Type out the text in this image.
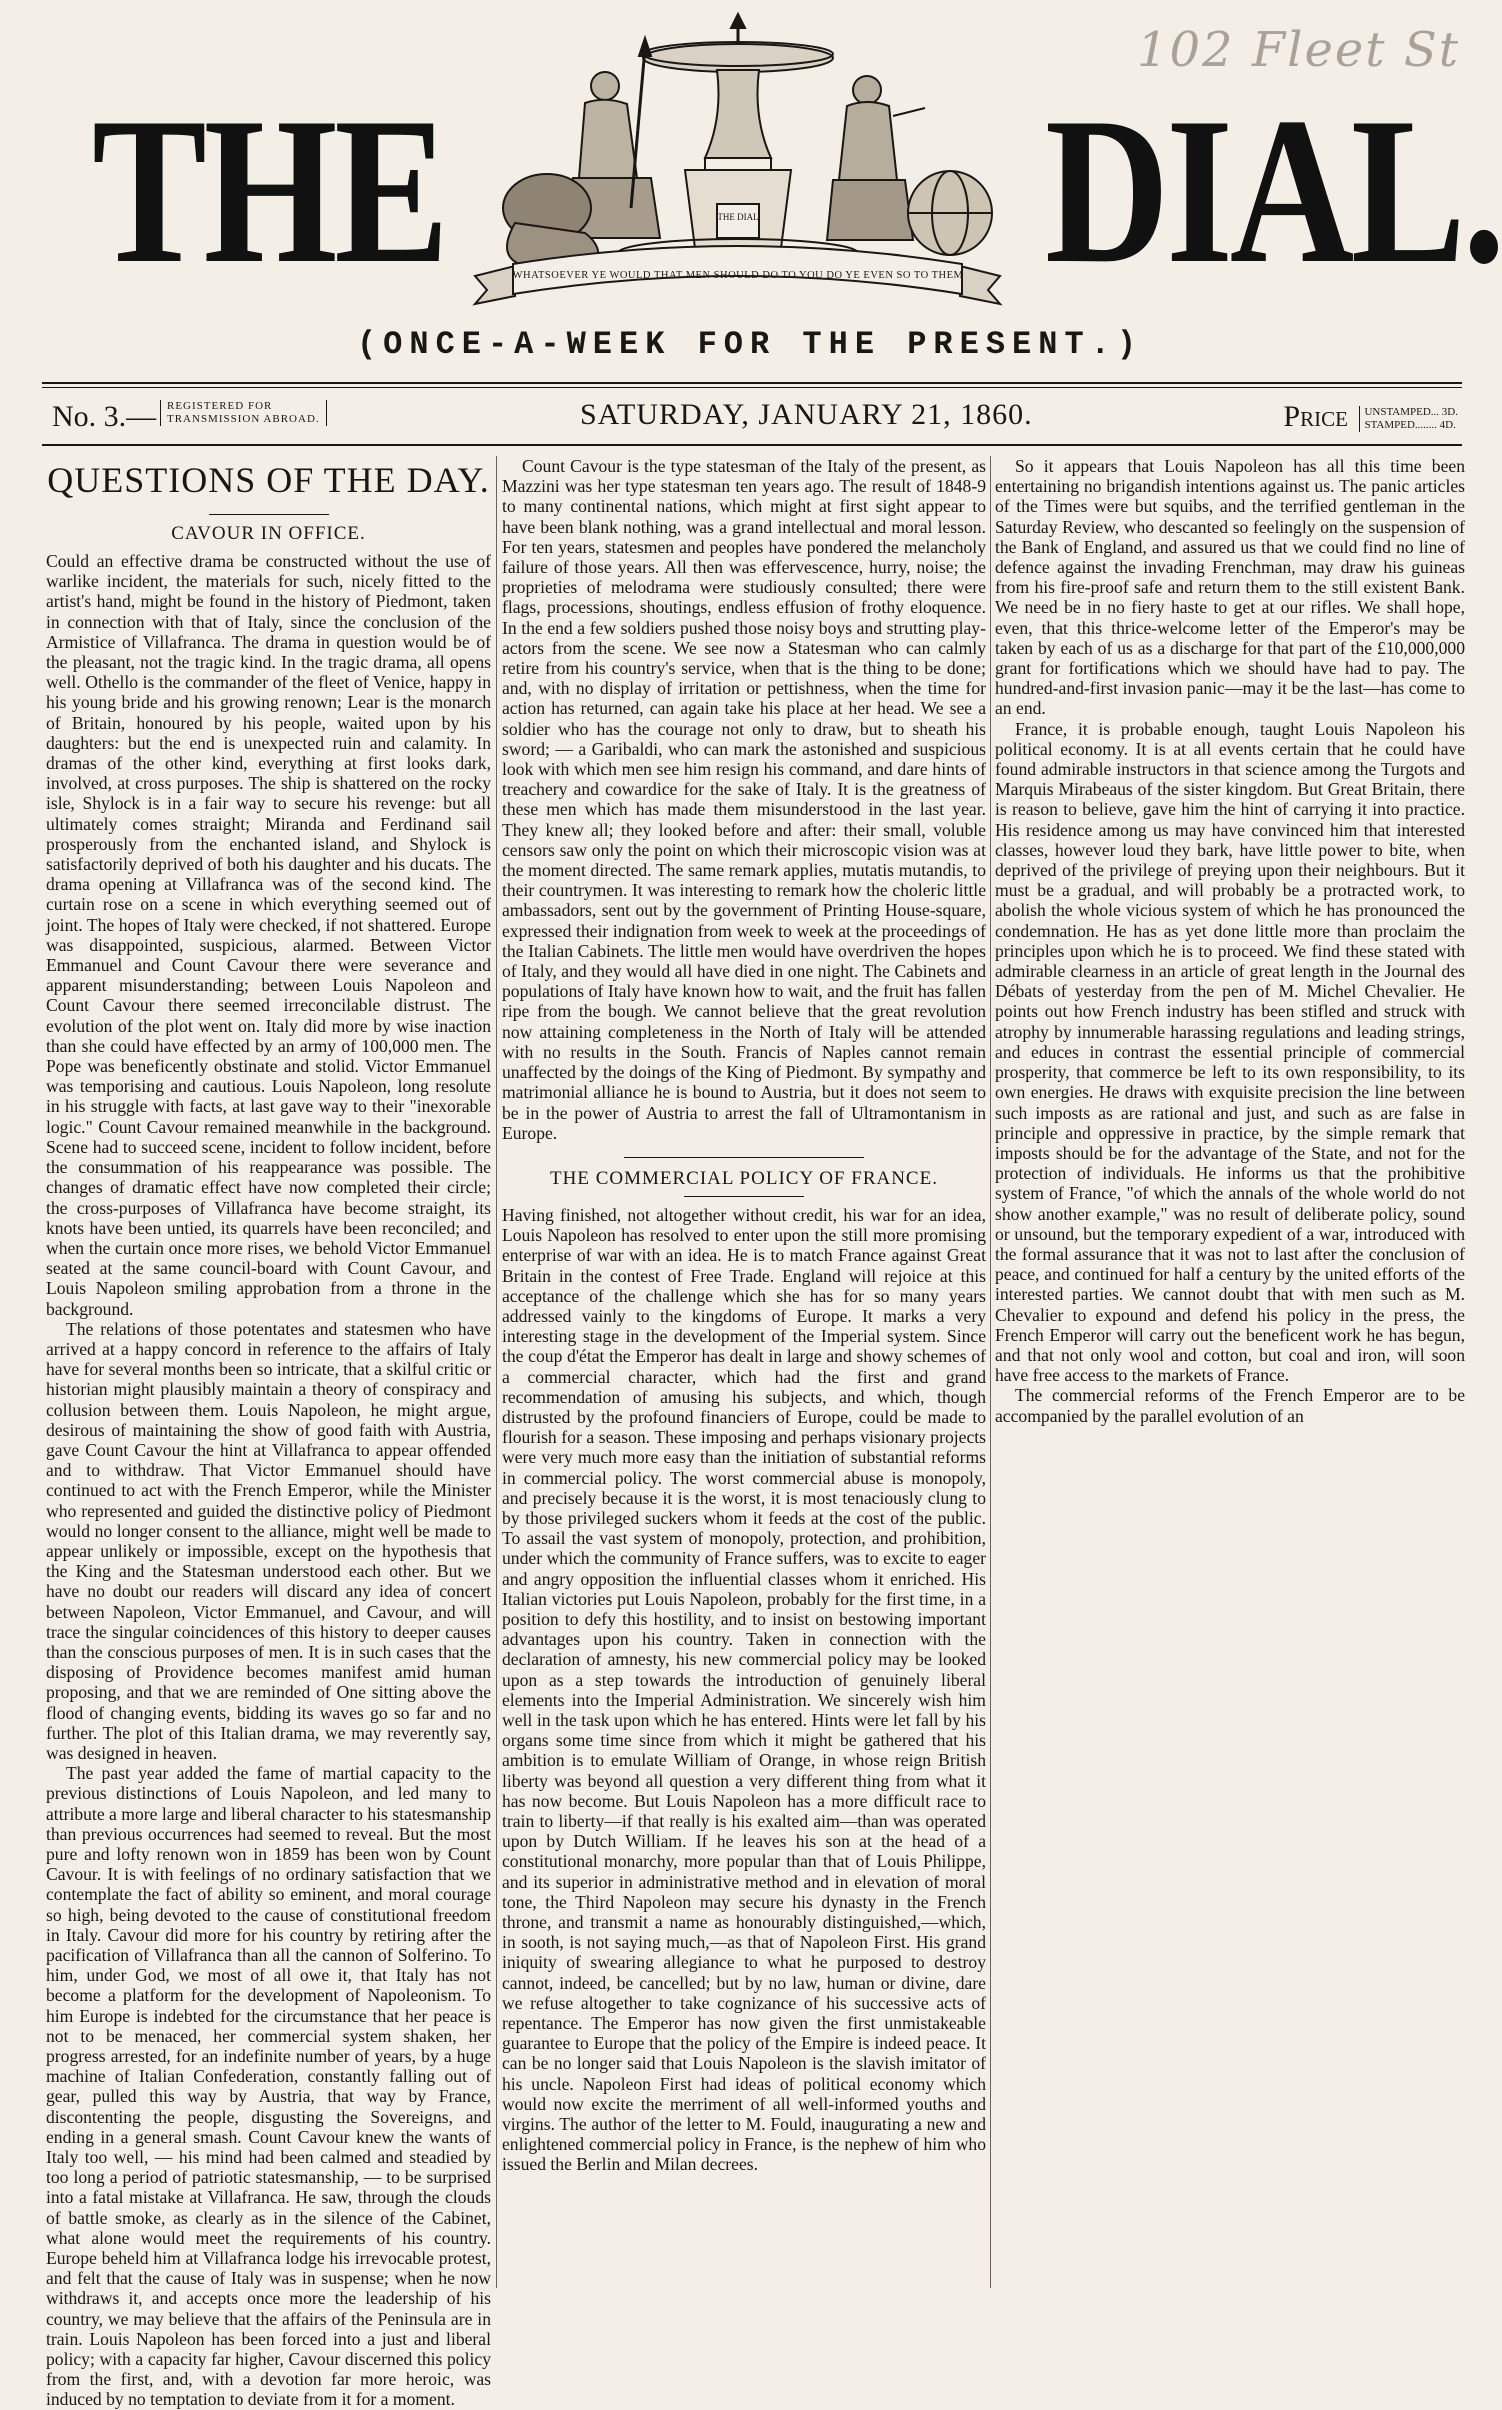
102 Fleet St
THE	DIAL.
THE DIAL
WHATSOEVER YE WOULD THAT MEN SHOULD DO TO YOU DO YE EVEN SO TO THEM
(ONCE-A-WEEK FOR THE PRESENT.)
No. 3.— REGISTERED FOR
TRANSMISSION ABROAD.	SATURDAY, JANUARY 21, 1860.	Price UNSTAMPED... 3D.
STAMPED........ 4D.
QUESTIONS OF THE DAY.
CAVOUR IN OFFICE.

Could an effective drama be constructed without the use of warlike incident, the materials for such, nicely fitted to the artist's hand, might be found in the history of Piedmont, taken in connection with that of Italy, since the conclusion of the Armistice of Villafranca. The drama in question would be of the pleasant, not the tragic kind. In the tragic drama, all opens well. Othello is the commander of the fleet of Venice, happy in his young bride and his growing renown; Lear is the monarch of Britain, honoured by his people, waited upon by his daughters: but the end is unexpected ruin and calamity. In dramas of the other kind, everything at first looks dark, involved, at cross purposes. The ship is shattered on the rocky isle, Shylock is in a fair way to secure his revenge: but all ultimately comes straight; Miranda and Ferdinand sail prosperously from the enchanted island, and Shylock is satisfactorily deprived of both his daughter and his ducats. The drama opening at Villafranca was of the second kind. The curtain rose on a scene in which everything seemed out of joint. The hopes of Italy were checked, if not shattered. Europe was disappointed, suspicious, alarmed. Between Victor Emmanuel and Count Cavour there were severance and apparent misunderstanding; between Louis Napoleon and Count Cavour there seemed irreconcilable distrust. The evolution of the plot went on. Italy did more by wise inaction than she could have effected by an army of 100,000 men. The Pope was beneficently obstinate and stolid. Victor Emmanuel was temporising and cautious. Louis Napoleon, long resolute in his struggle with facts, at last gave way to their "inexorable logic." Count Cavour remained meanwhile in the background. Scene had to succeed scene, incident to follow incident, before the consummation of his reappearance was possible. The changes of dramatic effect have now completed their circle; the cross-purposes of Villafranca have become straight, its knots have been untied, its quarrels have been reconciled; and when the curtain once more rises, we behold Victor Emmanuel seated at the same council-board with Count Cavour, and Louis Napoleon smiling approbation from a throne in the background.

The relations of those potentates and statesmen who have arrived at a happy concord in reference to the affairs of Italy have for several months been so intricate, that a skilful critic or historian might plausibly maintain a theory of conspiracy and collusion between them. Louis Napoleon, he might argue, desirous of maintaining the show of good faith with Austria, gave Count Cavour the hint at Villafranca to appear offended and to withdraw. That Victor Emmanuel should have continued to act with the French Emperor, while the Minister who represented and guided the distinctive policy of Piedmont would no longer consent to the alliance, might well be made to appear unlikely or impossible, except on the hypothesis that the King and the Statesman understood each other. But we have no doubt our readers will discard any idea of concert between Napoleon, Victor Emmanuel, and Cavour, and will trace the singular coincidences of this history to deeper causes than the conscious purposes of men. It is in such cases that the disposing of Providence becomes manifest amid human proposing, and that we are reminded of One sitting above the flood of changing events, bidding its waves go so far and no further. The plot of this Italian drama, we may reverently say, was designed in heaven.

The past year added the fame of martial capacity to the previous distinctions of Louis Napoleon, and led many to attribute a more large and liberal character to his statesmanship than previous occurrences had seemed to reveal. But the most pure and lofty renown won in 1859 has been won by Count Cavour. It is with feelings of no ordinary satisfaction that we contemplate the fact of ability so eminent, and moral courage so high, being devoted to the cause of constitutional freedom in Italy. Cavour did more for his country by retiring after the pacification of Villafranca than all the cannon of Solferino. To him, under God, we most of all owe it, that Italy has not become a platform for the development of Napoleonism. To him Europe is indebted for the circumstance that her peace is not to be menaced, her commercial system shaken, her progress arrested, for an indefinite number of years, by a huge machine of Italian Confederation, constantly falling out of gear, pulled this way by Austria, that way by France, discontenting the people, disgusting the Sovereigns, and ending in a general smash. Count Cavour knew the wants of Italy too well, — his mind had been calmed and steadied by too long a period of patriotic statesmanship, — to be surprised into a fatal mistake at Villafranca. He saw, through the clouds of battle smoke, as clearly as in the silence of the Cabinet, what alone would meet the requirements of his country. Europe beheld him at Villafranca lodge his irrevocable protest, and felt that the cause of Italy was in suspense; when he now withdraws it, and accepts once more the leadership of his country, we may believe that the affairs of the Peninsula are in train. Louis Napoleon has been forced into a just and liberal policy; with a capacity far higher, Cavour discerned this policy from the first, and, with a devotion far more heroic, was induced by no temptation to deviate from it for a moment.

Count Cavour is the type statesman of the Italy of the present, as Mazzini was her type statesman ten years ago. The result of 1848-9 to many continental nations, which might at first sight appear to have been blank nothing, was a grand intellectual and moral lesson. For ten years, statesmen and peoples have pondered the melancholy failure of those years. All then was effervescence, hurry, noise; the proprieties of melodrama were studiously consulted; there were flags, processions, shoutings, endless effusion of frothy eloquence. In the end a few soldiers pushed those noisy boys and strutting play-actors from the scene. We see now a Statesman who can calmly retire from his country's service, when that is the thing to be done; and, with no display of irritation or pettishness, when the time for action has returned, can again take his place at her head. We see a soldier who has the courage not only to draw, but to sheath his sword; — a Garibaldi, who can mark the astonished and suspicious look with which men see him resign his command, and dare hints of treachery and cowardice for the sake of Italy. It is the greatness of these men which has made them misunderstood in the last year. They knew all; they looked before and after: their small, voluble censors saw only the point on which their microscopic vision was at the moment directed. The same remark applies, mutatis mutandis, to their countrymen. It was interesting to remark how the choleric little ambassadors, sent out by the government of Printing House-square, expressed their indignation from week to week at the proceedings of the Italian Cabinets. The little men would have overdriven the hopes of Italy, and they would all have died in one night. The Cabinets and populations of Italy have known how to wait, and the fruit has fallen ripe from the bough. We cannot believe that the great revolution now attaining completeness in the North of Italy will be attended with no results in the South. Francis of Naples cannot remain unaffected by the doings of the King of Piedmont. By sympathy and matrimonial alliance he is bound to Austria, but it does not seem to be in the power of Austria to arrest the fall of Ultramontanism in Europe.

THE COMMERCIAL POLICY OF FRANCE.

Having finished, not altogether without credit, his war for an idea, Louis Napoleon has resolved to enter upon the still more promising enterprise of war with an idea. He is to match France against Great Britain in the contest of Free Trade. England will rejoice at this acceptance of the challenge which she has for so many years addressed vainly to the kingdoms of Europe. It marks a very interesting stage in the development of the Imperial system. Since the coup d'état the Emperor has dealt in large and showy schemes of a commercial character, which had the first and grand recommendation of amusing his subjects, and which, though distrusted by the profound financiers of Europe, could be made to flourish for a season. These imposing and perhaps visionary projects were very much more easy than the initiation of substantial reforms in commercial policy. The worst commercial abuse is monopoly, and precisely because it is the worst, it is most tenaciously clung to by those privileged suckers whom it feeds at the cost of the public. To assail the vast system of monopoly, protection, and prohibition, under which the community of France suffers, was to excite to eager and angry opposition the influential classes whom it enriched. His Italian victories put Louis Napoleon, probably for the first time, in a position to defy this hostility, and to insist on bestowing important advantages upon his country. Taken in connection with the declaration of amnesty, his new commercial policy may be looked upon as a step towards the introduction of genuinely liberal elements into the Imperial Administration. We sincerely wish him well in the task upon which he has entered. Hints were let fall by his organs some time since from which it might be gathered that his ambition is to emulate William of Orange, in whose reign British liberty was beyond all question a very different thing from what it has now become. But Louis Napoleon has a more difficult race to train to liberty—if that really is his exalted aim—than was operated upon by Dutch William. If he leaves his son at the head of a constitutional monarchy, more popular than that of Louis Philippe, and its superior in administrative method and in elevation of moral tone, the Third Napoleon may secure his dynasty in the French throne, and transmit a name as honourably distinguished,—which, in sooth, is not saying much,—as that of Napoleon First. His grand iniquity of swearing allegiance to what he purposed to destroy cannot, indeed, be cancelled; but by no law, human or divine, dare we refuse altogether to take cognizance of his successive acts of repentance. The Emperor has now given the first unmistakeable guarantee to Europe that the policy of the Empire is indeed peace. It can be no longer said that Louis Napoleon is the slavish imitator of his uncle. Napoleon First had ideas of political economy which would now excite the merriment of all well-informed youths and virgins. The author of the letter to M. Fould, inaugurating a new and enlightened commercial policy in France, is the nephew of him who issued the Berlin and Milan decrees.

So it appears that Louis Napoleon has all this time been entertaining no brigandish intentions against us. The panic articles of the Times were but squibs, and the terrified gentleman in the Saturday Review, who descanted so feelingly on the suspension of the Bank of England, and assured us that we could find no line of defence against the invading Frenchman, may draw his guineas from his fire-proof safe and return them to the still existent Bank. We need be in no fiery haste to get at our rifles. We shall hope, even, that this thrice-welcome letter of the Emperor's may be taken by each of us as a discharge for that part of the £10,000,000 grant for fortifications which we should have had to pay. The hundred-and-first invasion panic—may it be the last—has come to an end.

France, it is probable enough, taught Louis Napoleon his political economy. It is at all events certain that he could have found admirable instructors in that science among the Turgots and Marquis Mirabeaus of the sister kingdom. But Great Britain, there is reason to believe, gave him the hint of carrying it into practice. His residence among us may have convinced him that interested classes, however loud they bark, have little power to bite, when deprived of the privilege of preying upon their neighbours. But it must be a gradual, and will probably be a protracted work, to abolish the whole vicious system of which he has pronounced the condemnation. He has as yet done little more than proclaim the principles upon which he is to proceed. We find these stated with admirable clearness in an article of great length in the Journal des Débats of yesterday from the pen of M. Michel Chevalier. He points out how French industry has been stifled and struck with atrophy by innumerable harassing regulations and leading strings, and educes in contrast the essential principle of commercial prosperity, that commerce be left to its own responsibility, to its own energies. He draws with exquisite precision the line between such imposts as are rational and just, and such as are false in principle and oppressive in practice, by the simple remark that imposts should be for the advantage of the State, and not for the protection of individuals. He informs us that the prohibitive system of France, "of which the annals of the whole world do not show another example," was no result of deliberate policy, sound or unsound, but the temporary expedient of a war, introduced with the formal assurance that it was not to last after the conclusion of peace, and continued for half a century by the united efforts of the interested parties. We cannot doubt that with men such as M. Chevalier to expound and defend his policy in the press, the French Emperor will carry out the beneficent work he has begun, and that not only wool and cotton, but coal and iron, will soon have free access to the markets of France.

The commercial reforms of the French Emperor are to be accompanied by the parallel evolution of an
